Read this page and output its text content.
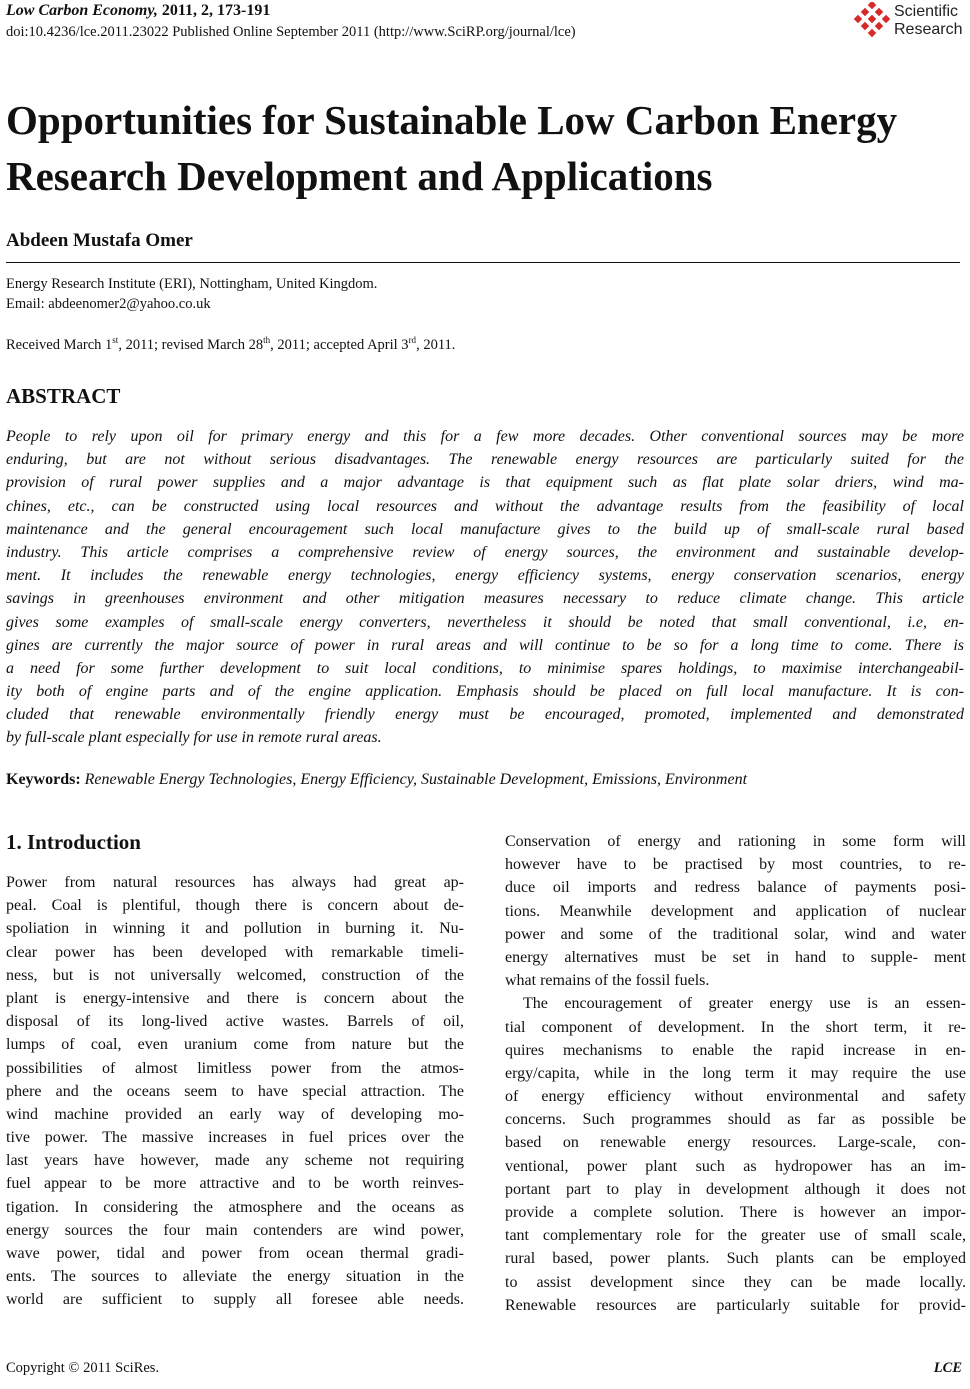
Low Carbon Economy, 2011, 2, 173-191
doi:10.4236/lce.2011.23022 Published Online September 2011 (http://www.SciRP.org/journal/lce)
Scientific
Research
Opportunities for Sustainable Low Carbon Energy
Research Development and Applications
Abdeen Mustafa Omer
Energy Research Institute (ERI), Nottingham, United Kingdom.
Email: abdeenomer2@yahoo.co.uk
Received March 1st, 2011; revised March 28th, 2011; accepted April 3rd, 2011.
ABSTRACT
People to rely upon oil for primary energy and this for a few more decades. Other conventional sources may be more
enduring, but are not without serious disadvantages. The renewable energy resources are particularly suited for the
provision of rural power supplies and a major advantage is that equipment such as flat plate solar driers, wind ma-
chines, etc., can be constructed using local resources and without the advantage results from the feasibility of local
maintenance and the general encouragement such local manufacture gives to the build up of small-scale rural based
industry. This article comprises a comprehensive review of energy sources, the environment and sustainable develop-
ment. It includes the renewable energy technologies, energy efficiency systems, energy conservation scenarios, energy
savings in greenhouses environment and other mitigation measures necessary to reduce climate change. This article
gives some examples of small-scale energy converters, nevertheless it should be noted that small conventional, i.e, en-
gines are currently the major source of power in rural areas and will continue to be so for a long time to come. There is
a need for some further development to suit local conditions, to minimise spares holdings, to maximise interchangeabil-
ity both of engine parts and of the engine application. Emphasis should be placed on full local manufacture. It is con-
cluded that renewable environmentally friendly energy must be encouraged, promoted, implemented and demonstrated
by full-scale plant especially for use in remote rural areas.
Keywords: Renewable Energy Technologies, Energy Efficiency, Sustainable Development, Emissions, Environment
1. Introduction
Power from natural resources has always had great ap-
peal. Coal is plentiful, though there is concern about de-
spoliation in winning it and pollution in burning it. Nu-
clear power has been developed with remarkable timeli-
ness, but is not universally welcomed, construction of the
plant is energy-intensive and there is concern about the
disposal of its long-lived active wastes. Barrels of oil,
lumps of coal, even uranium come from nature but the
possibilities of almost limitless power from the atmos-
phere and the oceans seem to have special attraction. The
wind machine provided an early way of developing mo-
tive power. The massive increases in fuel prices over the
last years have however, made any scheme not requiring
fuel appear to be more attractive and to be worth reinves-
tigation. In considering the atmosphere and the oceans as
energy sources the four main contenders are wind power,
wave power, tidal and power from ocean thermal gradi-
ents. The sources to alleviate the energy situation in the
world are sufficient to supply all foresee able needs.
Conservation of energy and rationing in some form will
however have to be practised by most countries, to re-
duce oil imports and redress balance of payments posi-
tions. Meanwhile development and application of nuclear
power and some of the traditional solar, wind and water
energy alternatives must be set in hand to supple- ment
what remains of the fossil fuels.
The encouragement of greater energy use is an essen-
tial component of development. In the short term, it re-
quires mechanisms to enable the rapid increase in en-
ergy/capita, while in the long term it may require the use
of energy efficiency without environmental and safety
concerns. Such programmes should as far as possible be
based on renewable energy resources. Large-scale, con-
ventional, power plant such as hydropower has an im-
portant part to play in development although it does not
provide a complete solution. There is however an impor-
tant complementary role for the greater use of small scale,
rural based, power plants. Such plants can be employed
to assist development since they can be made locally.
Renewable resources are particularly suitable for provid-
Copyright © 2011 SciRes.	LCE
